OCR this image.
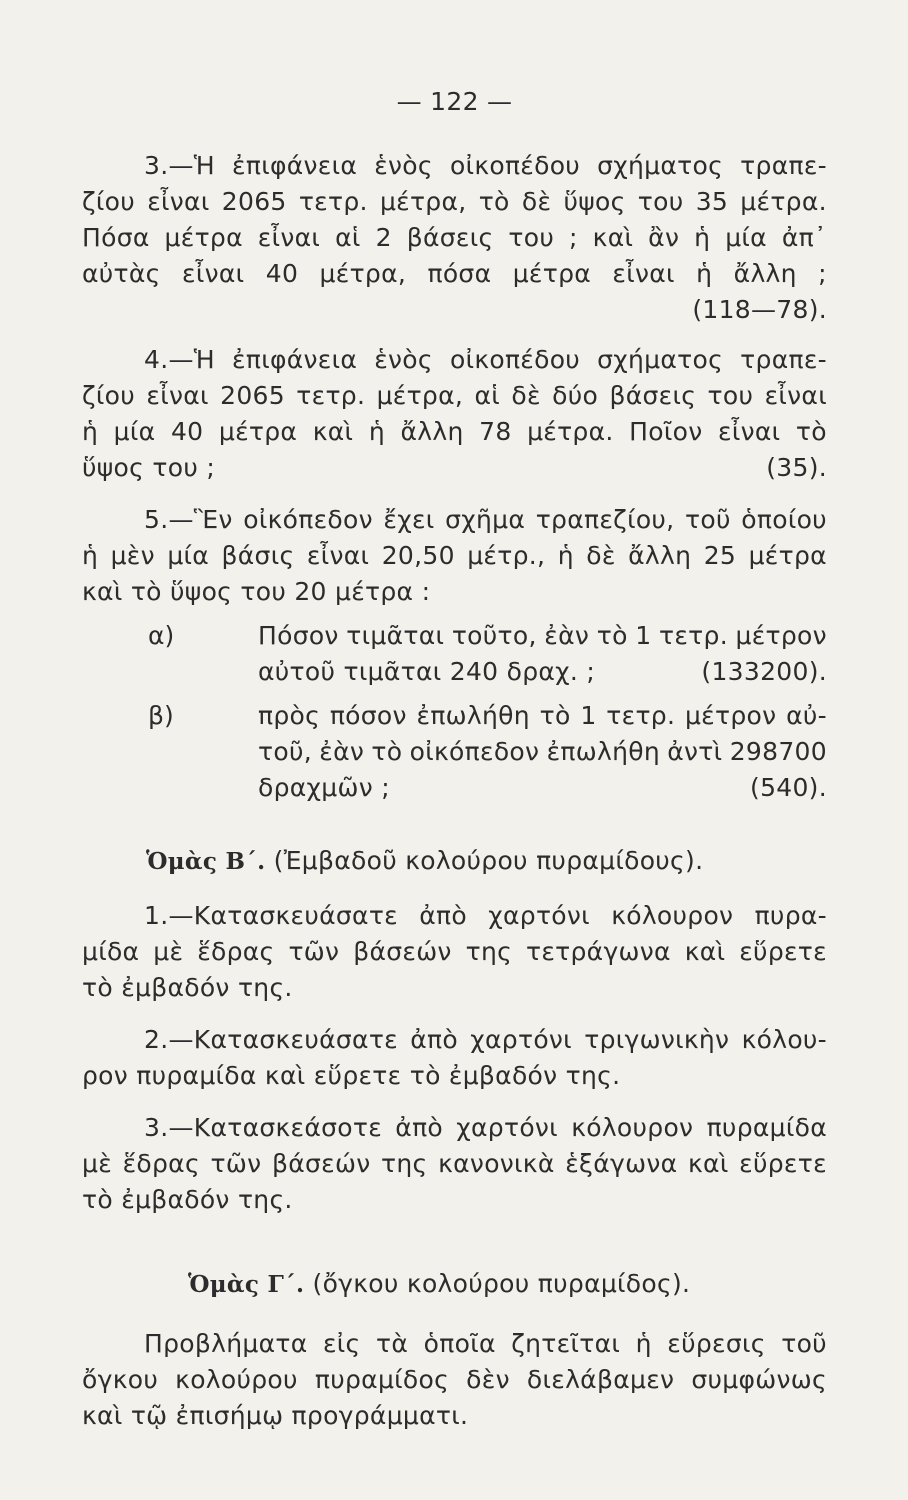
— 122 —
3.—Ἡ ἐπιφάνεια ἑνὸς οἰκοπέδου σχήματος τραπε-
ζίου εἶναι 2065 τετρ. μέτρα, τὸ δὲ ὕψος του 35 μέτρα.
Πόσα μέτρα εἶναι αἱ 2 βάσεις του ; καὶ ἂν ἡ μία ἀπ᾽
αὐτὰς εἶναι 40 μέτρα, πόσα μέτρα εἶναι ἡ ἄλλη ;
(118—78).
4.—Ἡ ἐπιφάνεια ἑνὸς οἰκοπέδου σχήματος τραπε-
ζίου εἶναι 2065 τετρ. μέτρα, αἱ δὲ δύο βάσεις του εἶναι
ἡ μία 40 μέτρα καὶ ἡ ἄλλη 78 μέτρα. Ποῖον εἶναι τὸ
ὕψος του ;	(35).
5.—Ἓν οἰκόπεδον ἔχει σχῆμα τραπεζίου, τοῦ ὁποίου
ἡ μὲν μία βάσις εἶναι 20,50 μέτρ., ἡ δὲ ἄλλη 25 μέτρα
καὶ τὸ ὕψος του 20 μέτρα :
α)	Πόσον τιμᾶται τοῦτο, ἐὰν τὸ 1 τετρ. μέτρον
αὐτοῦ τιμᾶται 240 δραχ. ;	(133200).
β)	πρὸς πόσον ἐπωλήθη τὸ 1 τετρ. μέτρον αὐ-
τοῦ, ἐὰν τὸ οἰκόπεδον ἐπωλήθη ἀντὶ 298700
δραχμῶν ;	(540).
Ὁμὰς Β΄. (Ἐμβαδοῦ κολούρου πυραμίδους).
1.—Κατασκευάσατε ἀπὸ χαρτόνι κόλουρον πυρα-
μίδα μὲ ἕδρας τῶν βάσεών της τετράγωνα καὶ εὕρετε
τὸ ἐμβαδόν της.
2.—Κατασκευάσατε ἀπὸ χαρτόνι τριγωνικὴν κόλου-
ρον πυραμίδα καὶ εὕρετε τὸ ἐμβαδόν της.
3.—Κατασκεάσοτε ἀπὸ χαρτόνι κόλουρον πυραμίδα
μὲ ἕδρας τῶν βάσεών της κανονικὰ ἑξάγωνα καὶ εὕρετε
τὸ ἐμβαδόν της.
Ὁμὰς Γ΄. (ὄγκου κολούρου πυραμίδος).
Προβλήματα εἰς τὰ ὁποῖα ζητεῖται ἡ εὕρεσις τοῦ
ὄγκου κολούρου πυραμίδος δὲν διελάβαμεν συμφώνως
καὶ τῷ ἐπισήμῳ προγράμματι.
